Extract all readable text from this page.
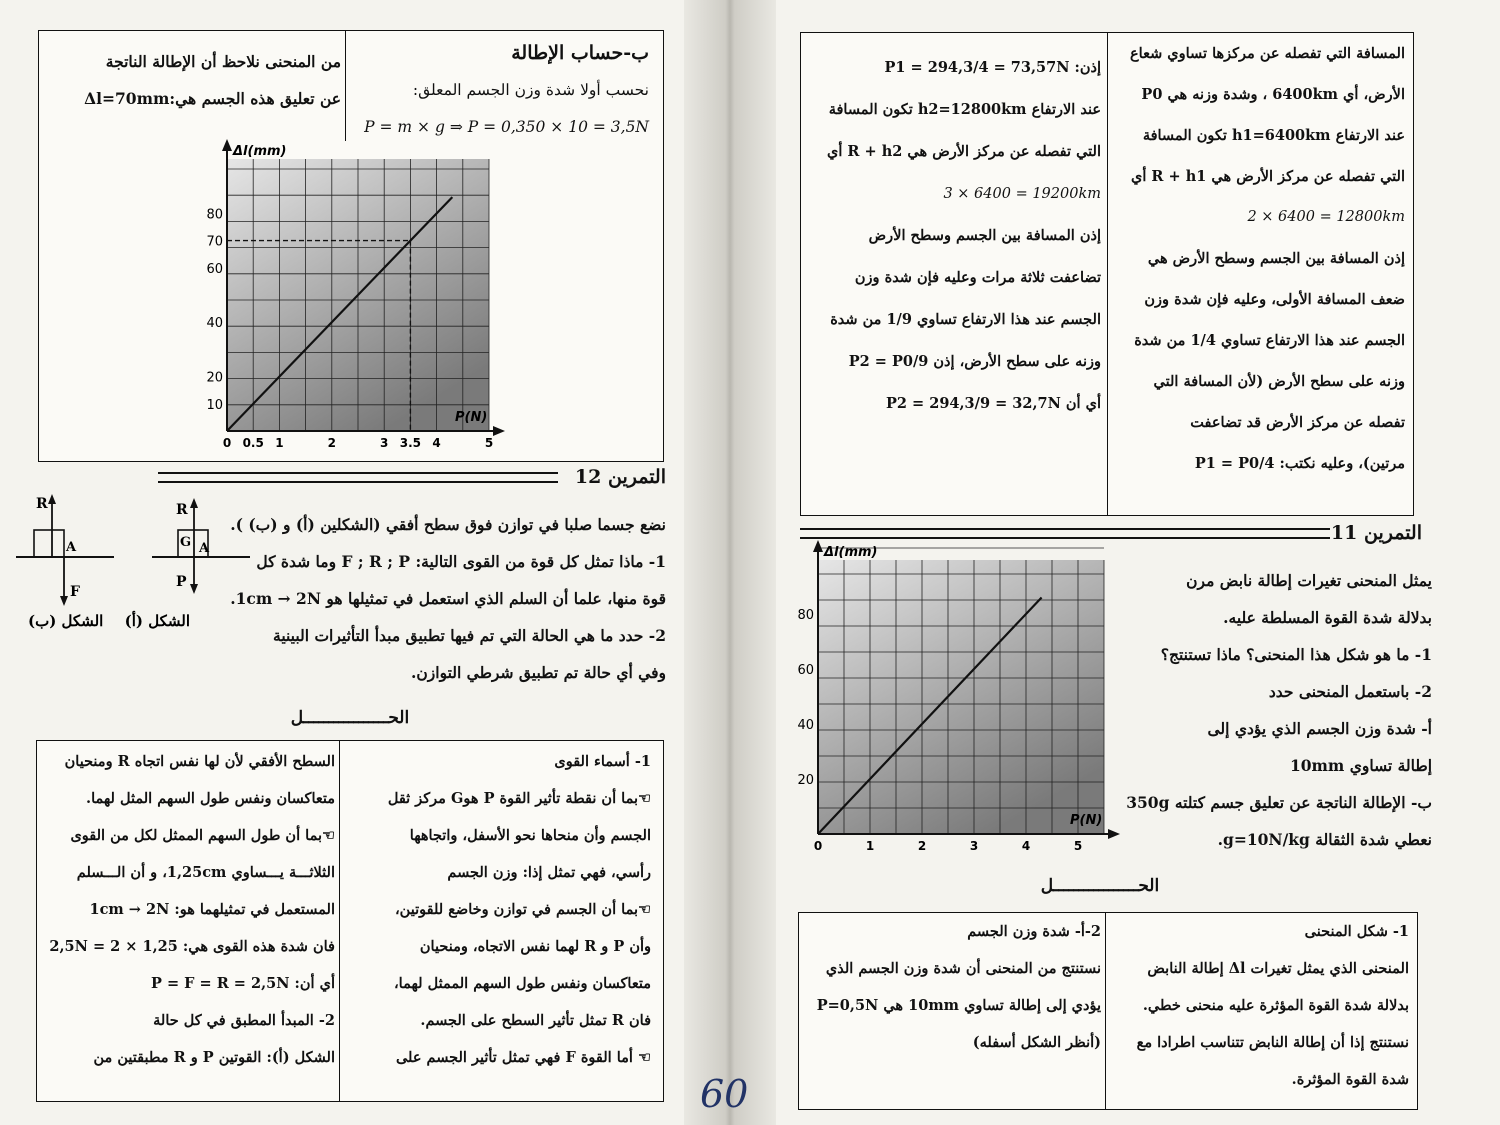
ب-حساب الإطالة
نحسب أولا شدة وزن الجسم المعلق:
P = m × g ⇒ P = 0,350 × 10 = 3,5N
من المنحنى نلاحظ أن الإطالة الناتجة
عن تعليق هذه الجسم هي:Δl=70mm
Δl(mm)
P(N)
10
20
40
60
70
80
0 0.5 1	2	3 3.5 4	5
التمرين 12
نضع جسما صلبا في توازن فوق سطح أفقي (الشكلين (أ) و (ب) ).
1- ماذا تمثل كل قوة من القوى التالية: F ; R ; P وما شدة كل
قوة منها، علما أن السلم الذي استعمل في تمثيلها هو 1cm → 2N.
2- حدد ما هي الحالة التي تم فيها تطبيق مبدأ التأثيرات البينية
وفي أي حالة تم تطبيق شرطي التوازن.
R
G A
P
الشكل (أ)
R
A
F
الشكل (ب)
الحـــــــــــــــــل
1- أسماء القوى
☜بما أن نقطة تأثير القوة P هوG مركز ثقل
الجسم وأن منحاها نحو الأسفل، واتجاهها
رأسي، فهي تمثل إذا: وزن الجسم
☜بما أن الجسم في توازن وخاضع للقوتين،
وأن P و R لهما نفس الاتجاه، ومنحيان
متعاكسان ونفس طول السهم الممثل لهما،
فان R تمثل تأثير السطح على الجسم.
☜ أما القوة F فهي تمثل تأثير الجسم على
السطح الأفقي لأن لها نفس اتجاه R ومنحيان
متعاكسان ونفس طول السهم المثل لهما.
☜بما أن طول السهم الممثل لكل من القوى
الثلاثـــة يـــساوي 1,25cm، و أن الـــسلم
المستعمل في تمثيلهما هو: 1cm → 2N
فان شدة هذه القوى هي: 1,25 × 2 = 2,5N
أي أن: P = F = R = 2,5N
2- المبدأ المطبق في كل حالة
الشكل (أ): القوتين P و R مطبقتين من
المسافة التي تفصله عن مركزها تساوي شعاع
الأرض، أي 6400km ، وشدة وزنه هي P0
عند الارتفاع h1=6400km تكون المسافة
التي تفصله عن مركز الأرض هي R + h1 أي
2 × 6400 = 12800km
إذن المسافة بين الجسم وسطح الأرض هي
ضعف المسافة الأولى، وعليه فإن شدة وزن
الجسم عند هذا الارتفاع تساوي 1/4 من شدة
وزنه على سطح الأرض (لأن المسافة التي
تفصله عن مركز الأرض قد تضاعفت
مرتين)، وعليه نكتب: P1 = P0/4
إذن: P1 = 294,3/4 = 73,57N
عند الارتفاع h2=12800km تكون المسافة
التي تفصله عن مركز الأرض هي R + h2 أي
3 × 6400 = 19200km
إذن المسافة بين الجسم وسطح الأرض
تضاعفت ثلاثة مرات وعليه فإن شدة وزن
الجسم عند هذا الارتفاع تساوي 1/9 من شدة
وزنه على سطح الأرض، إذن P2 = P0/9
أي أن P2 = 294,3/9 = 32,7N
التمرين 11
يمثل المنحنى تغيرات إطالة نابض مرن
بدلالة شدة القوة المسلطة عليه.
1- ما هو شكل هذا المنحنى؟ ماذا تستنتج؟
2- باستعمل المنحنى حدد
أ- شدة وزن الجسم الذي يؤدي إلى
إطالة تساوي 10mm
ب- الإطالة الناتجة عن تعليق جسم كتلته 350g
نعطي شدة الثقالة g=10N/kg.
Δl(mm)
P(N)
20
40
60
80
0	1	2	3	4	5
الحـــــــــــــــــل
1- شكل المنحنى
المنحنى الذي يمثل تغيرات Δl إطالة النابض
بدلالة شدة القوة المؤثرة عليه منحنى خطي.
نستنتج إذا أن إطالة النابض تتناسب اطرادا مع
شدة القوة المؤثرة.
2-أ- شدة وزن الجسم
نستنتج من المنحنى أن شدة وزن الجسم الذي
يؤدي إلى إطالة تساوي 10mm هي P=0,5N
(أنظر الشكل أسفله)
60
